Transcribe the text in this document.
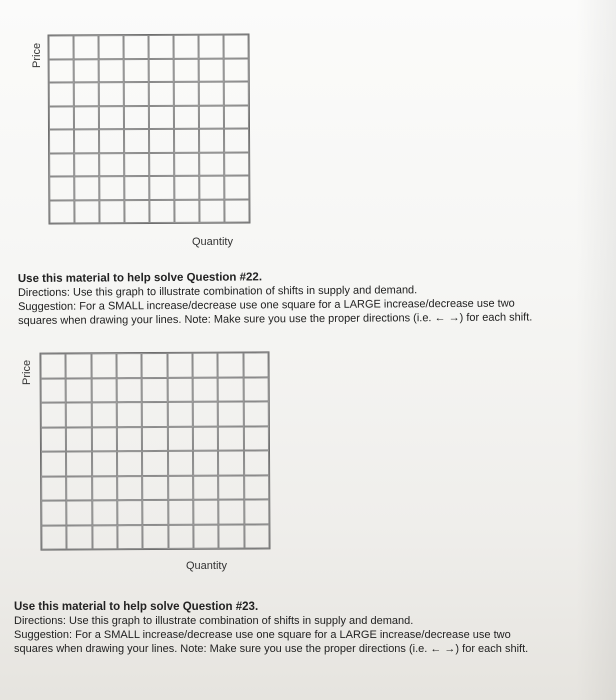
Price
Quantity
Use this material to help solve Question #22.
Directions: Use this graph to illustrate combination of shifts in supply and demand.
Suggestion: For a SMALL increase/decrease use one square for a LARGE increase/decrease use two
squares when drawing your lines. Note: Make sure you use the proper directions (i.e. ← →) for each shift.
Price
Quantity
Use this material to help solve Question #23.
Directions: Use this graph to illustrate combination of shifts in supply and demand.
Suggestion: For a SMALL increase/decrease use one square for a LARGE increase/decrease use two
squares when drawing your lines. Note: Make sure you use the proper directions (i.e. ← →) for each shift.
